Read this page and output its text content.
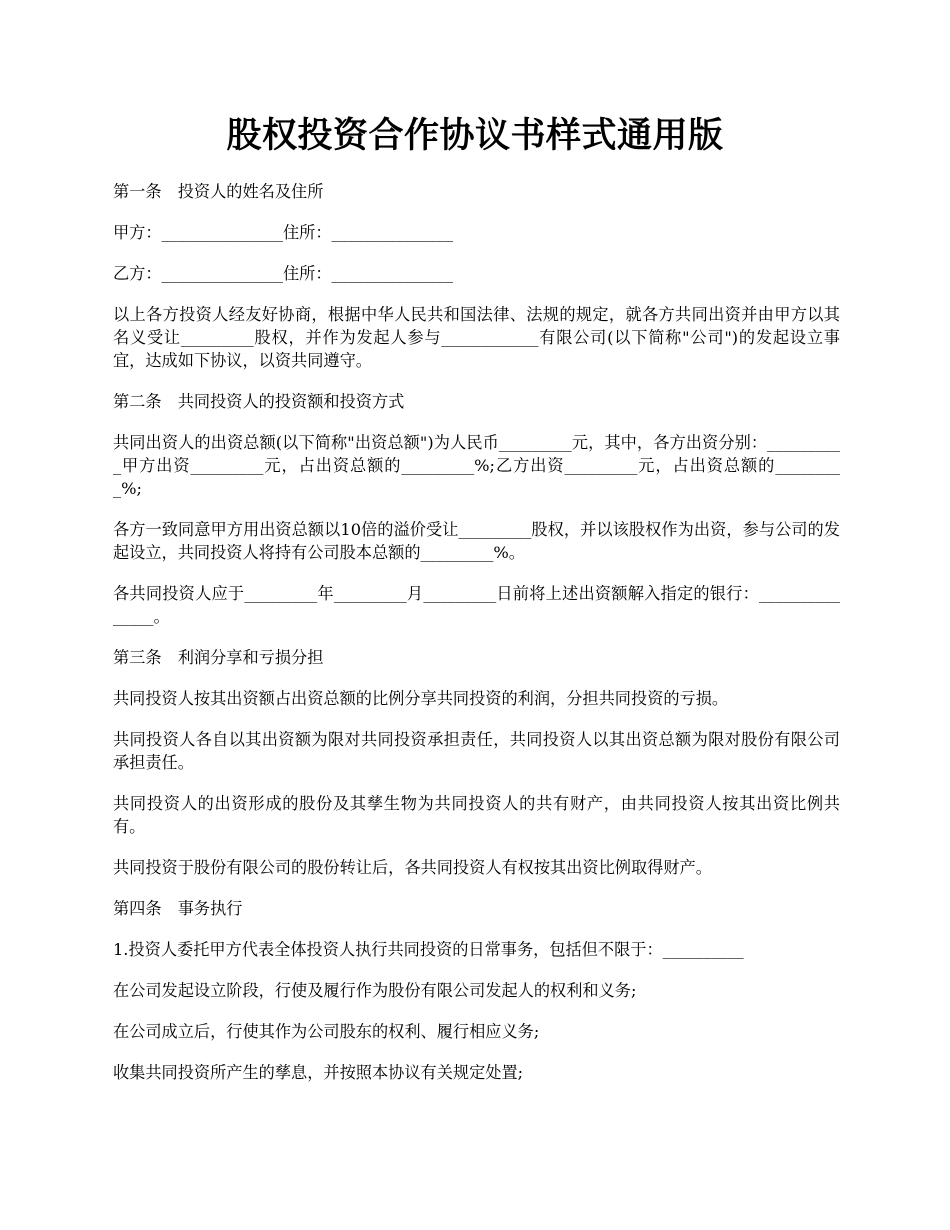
股权投资合作协议书样式通用版

第一条　投资人的姓名及住所

甲方：_______________住所：_______________

乙方：_______________住所：_______________

以上各方投资人经友好协商，根据中华人民共和国法律、法规的规定，就各方共同出资并由甲方以其名义受让_________股权，并作为发起人参与____________有限公司(以下简称"公司")的发起设立事宜，达成如下协议，以资共同遵守。

第二条　共同投资人的投资额和投资方式

共同出资人的出资总额(以下简称"出资总额")为人民币_________元，其中，各方出资分别：__________甲方出资_________元，占出资总额的_________%;乙方出资_________元，占出资总额的_________%;

各方一致同意甲方用出资总额以10倍的溢价受让_________股权，并以该股权作为出资，参与公司的发起设立，共同投资人将持有公司股本总额的_________%。

各共同投资人应于_________年_________月_________日前将上述出资额解入指定的银行：_______________。

第三条　利润分享和亏损分担

共同投资人按其出资额占出资总额的比例分享共同投资的利润，分担共同投资的亏损。

共同投资人各自以其出资额为限对共同投资承担责任，共同投资人以其出资总额为限对股份有限公司承担责任。

共同投资人的出资形成的股份及其孳生物为共同投资人的共有财产，由共同投资人按其出资比例共有。

共同投资于股份有限公司的股份转让后，各共同投资人有权按其出资比例取得财产。

第四条　事务执行

1.投资人委托甲方代表全体投资人执行共同投资的日常事务，包括但不限于：__________

在公司发起设立阶段，行使及履行作为股份有限公司发起人的权利和义务;

在公司成立后，行使其作为公司股东的权利、履行相应义务;

收集共同投资所产生的孳息，并按照本协议有关规定处置;
